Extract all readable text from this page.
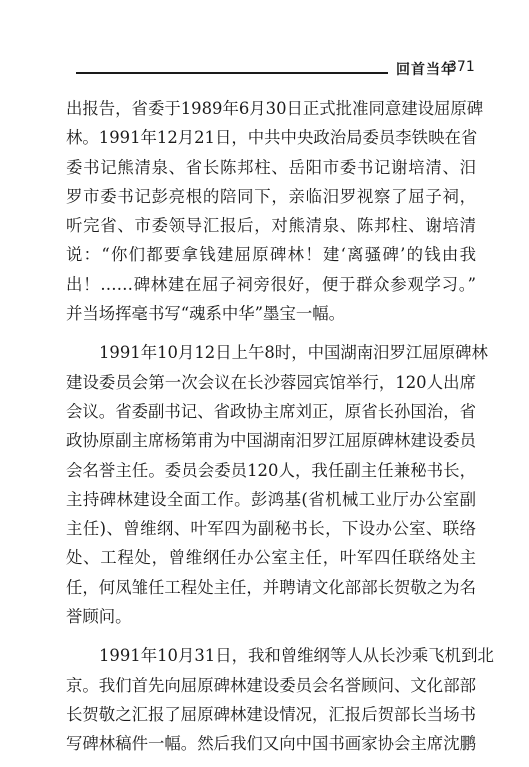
回首当年
371
出报告，省委于1989年6月30日正式批准同意建设屈原碑
林。1991年12月21日，中共中央政治局委员李铁映在省
委书记熊清泉、省长陈邦柱、岳阳市委书记谢培清、汨
罗市委书记彭亮根的陪同下，亲临汨罗视察了屈子祠，
听完省、市委领导汇报后，对熊清泉、陈邦柱、谢培清
说：“你们都要拿钱建屈原碑林！建‘离骚碑’的钱由我
出！……碑林建在屈子祠旁很好，便于群众参观学习。”
并当场挥毫书写“魂系中华”墨宝一幅。
1991年10月12日上午8时，中国湖南汨罗江屈原碑林
建设委员会第一次会议在长沙蓉园宾馆举行，120人出席
会议。省委副书记、省政协主席刘正，原省长孙国治，省
政协原副主席杨第甫为中国湖南汨罗江屈原碑林建设委员
会名誉主任。委员会委员120人，我任副主任兼秘书长，
主持碑林建设全面工作。彭鸿基(省机械工业厅办公室副
主任)、曾维纲、叶军四为副秘书长，下设办公室、联络
处、工程处，曾维纲任办公室主任，叶军四任联络处主
任，何凤雏任工程处主任，并聘请文化部部长贺敬之为名
誉顾问。
1991年10月31日，我和曾维纲等人从长沙乘飞机到北
京。我们首先向屈原碑林建设委员会名誉顾问、文化部部
长贺敬之汇报了屈原碑林建设情况，汇报后贺部长当场书
写碑林稿件一幅。然后我们又向中国书画家协会主席沈鹏
